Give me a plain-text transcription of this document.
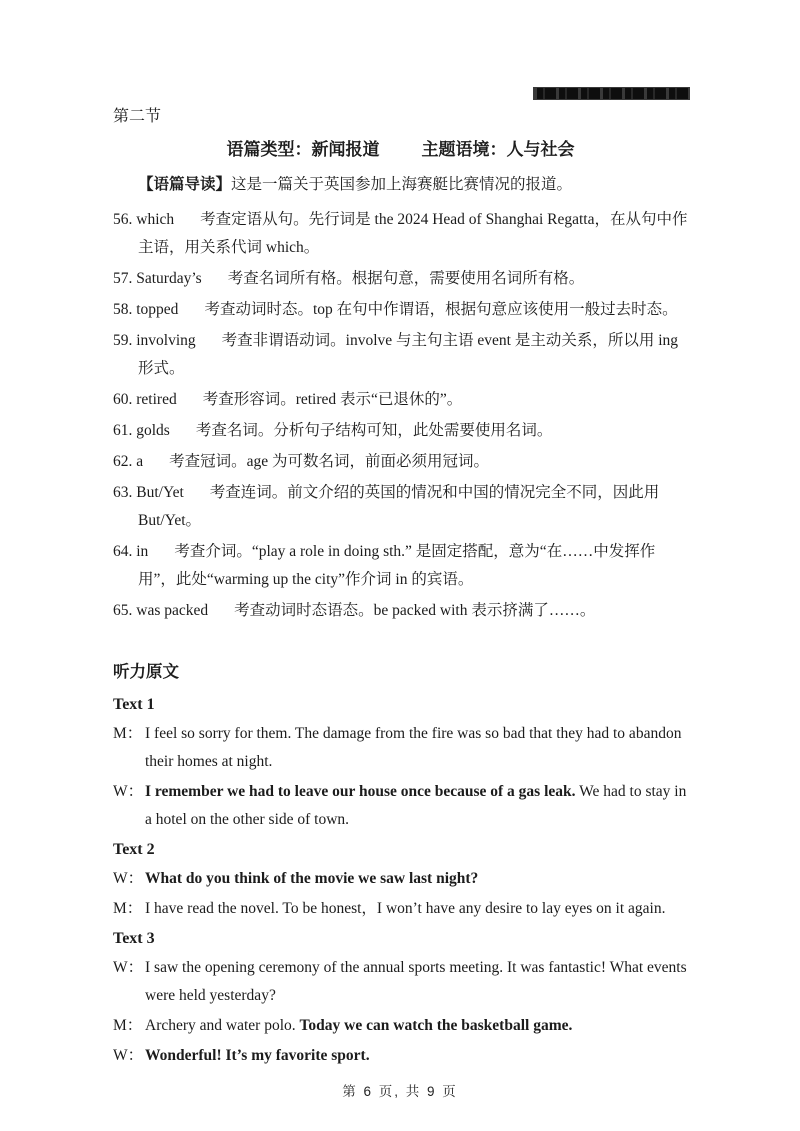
第二节

语篇类型：新闻报道 主题语境：人与社会

【语篇导读】这是一篇关于英国参加上海赛艇比赛情况的报道。

56. which 考查定语从句。先行词是 the 2024 Head of Shanghai Regatta，在从句中作主语，用关系代词 which。

57. Saturday’s 考查名词所有格。根据句意，需要使用名词所有格。

58. topped 考查动词时态。top 在句中作谓语，根据句意应该使用一般过去时态。

59. involving 考查非谓语动词。involve 与主句主语 event 是主动关系，所以用 ing 形式。

60. retired 考查形容词。retired 表示“已退休的”。

61. golds 考查名词。分析句子结构可知，此处需要使用名词。

62. a 考查冠词。age 为可数名词，前面必须用冠词。

63. But/Yet 考查连词。前文介绍的英国的情况和中国的情况完全不同，因此用 But/Yet。

64. in 考查介词。“play a role in doing sth.” 是固定搭配，意为“在……中发挥作用”，此处“warming up the city”作介词 in 的宾语。

65. was packed 考查动词时态语态。be packed with 表示挤满了……。

听力原文

Text 1

M： I feel so sorry for them. The damage from the fire was so bad that they had to abandon their homes at night.

W： I remember we had to leave our house once because of a gas leak. We had to stay in a hotel on the other side of town.

Text 2

W： What do you think of the movie we saw last night?

M： I have read the novel. To be honest，I won’t have any desire to lay eyes on it again.

Text 3

W： I saw the opening ceremony of the annual sports meeting. It was fantastic! What events were held yesterday?

M： Archery and water polo. Today we can watch the basketball game.

W： Wonderful! It’s my favorite sport.

第 6 页, 共 9 页
